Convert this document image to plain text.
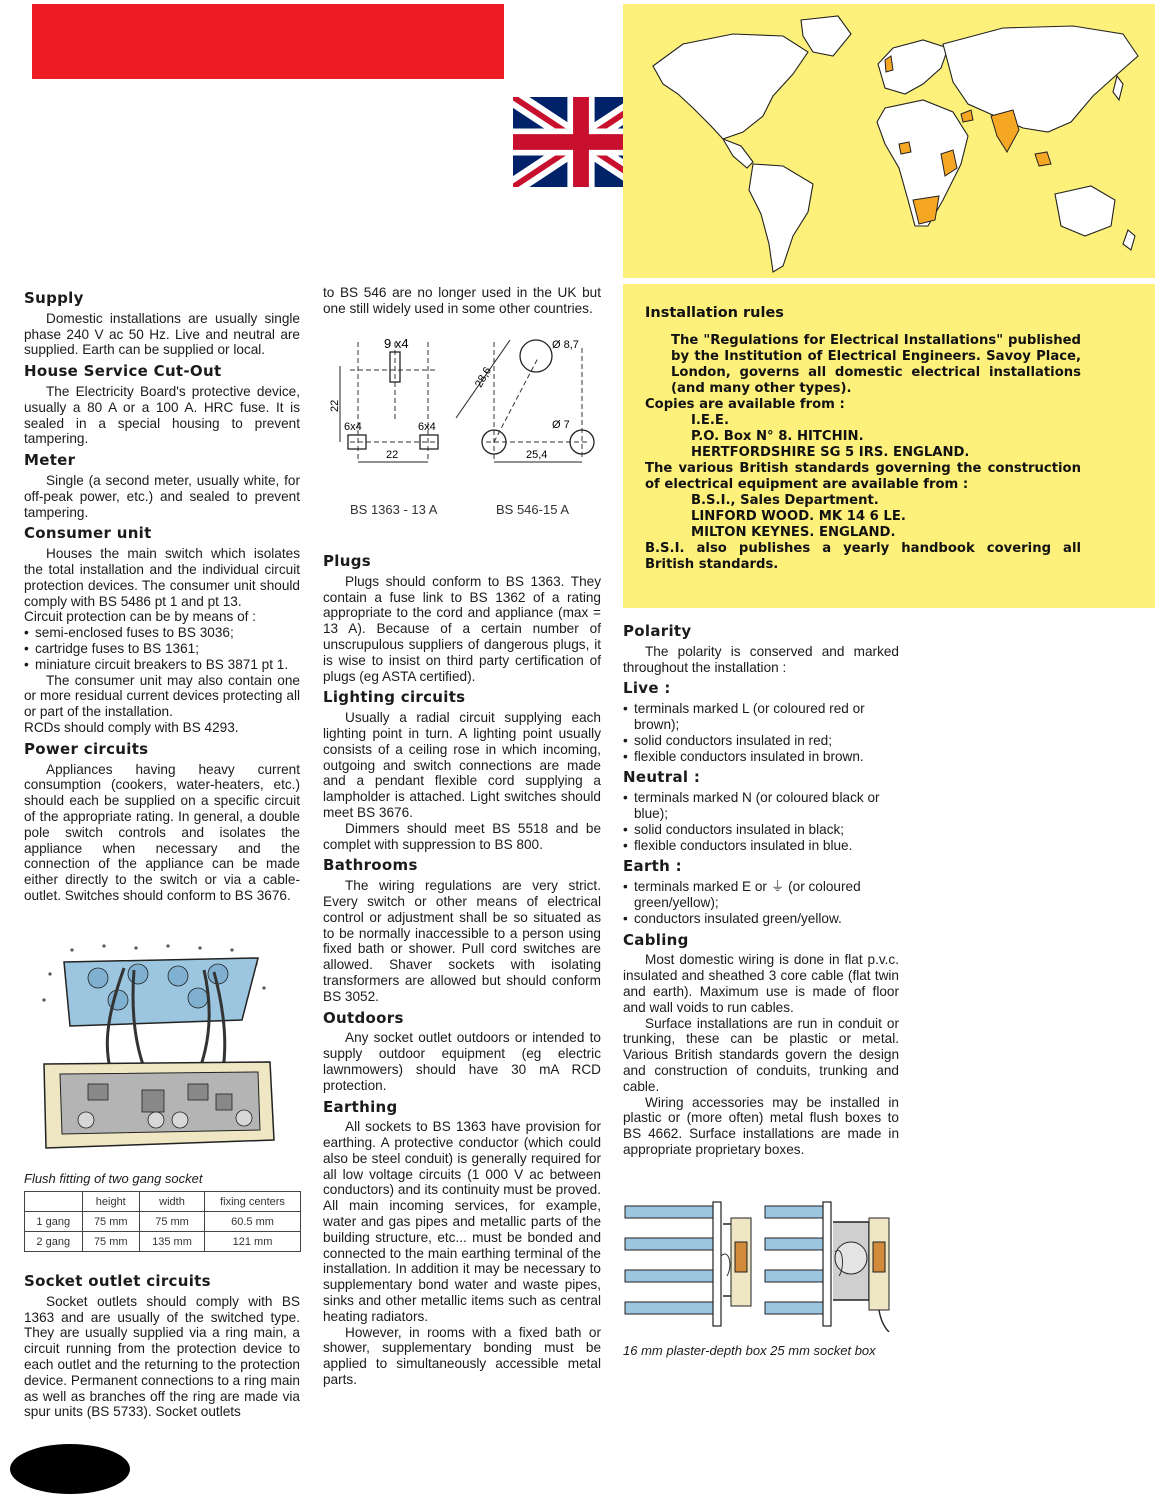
Installation rules

The "Regulations for Electrical Installations" published by the Institution of Electrical Engineers. Savoy Place, London, governs all domestic electrical installations (and many other types).

Copies are available from :

I.E.E.

P.O. Box N° 8. HITCHIN.

HERTFORDSHIRE SG 5 IRS. ENGLAND.

The various British standards governing the construction of electrical equipment are available from :

B.S.I., Sales Department.

LINFORD WOOD. MK 14 6 LE.

MILTON KEYNES. ENGLAND.

B.S.I. also publishes a yearly handbook covering all British standards.

Supply

Domestic installations are usually single phase 240 V ac 50 Hz. Live and neutral are supplied. Earth can be supplied or local.

House Service Cut-Out

The Electricity Board's protective device, usually a 80 A or a 100 A. HRC fuse. It is sealed in a special housing to prevent tampering.

Meter

Single (a second meter, usually white, for off-peak power, etc.) and sealed to prevent tampering.

Consumer unit

Houses the main switch which isolates the total installation and the individual circuit protection devices. The consumer unit should comply with BS 5486 pt 1 and pt 13.

Circuit protection can be by means of :

• semi-enclosed fuses to BS 3036;
• cartridge fuses to BS 1361;
• miniature circuit breakers to BS 3871 pt 1.

The consumer unit may also contain one or more residual current devices protecting all or part of the installation.

RCDs should comply with BS 4293.

Power circuits

Appliances having heavy current consumption (cookers, water-heaters, etc.) should each be supplied on a specific circuit of the appropriate rating. In general, a double pole switch controls and isolates the appliance when necessary and the connection of the appliance can be made either directly to the switch or via a cable-outlet. Switches should conform to BS 3676.

Flush fitting of two gang socket
	height	width	fixing centers
1 gang	75 mm	75 mm	60.5 mm
2 gang	75 mm	135 mm	121 mm
Socket outlet circuits

Socket outlets should comply with BS 1363 and are usually of the switched type. They are usually supplied via a ring main, a circuit running from the protection device to each outlet and the returning to the protection device. Permanent connections to a ring main as well as branches off the ring are made via spur units (BS 5733). Socket outlets

to BS 546 are no longer used in the UK but one still widely used in some other countries.

9 x4
6x4	6x4
22
22
28,6
Ø 8,7
Ø 7
25,4
BS 1363 - 13 A	BS 546-15 A
Plugs

Plugs should conform to BS 1363. They contain a fuse link to BS 1362 of a rating appropriate to the cord and appliance (max = 13 A). Because of a certain number of unscrupulous suppliers of dangerous plugs, it is wise to insist on third party certification of plugs (eg ASTA certified).

Lighting circuits

Usually a radial circuit supplying each lighting point in turn. A lighting point usually consists of a ceiling rose in which incoming, outgoing and switch connections are made and a pendant flexible cord supplying a lampholder is attached. Light switches should meet BS 3676.

Dimmers should meet BS 5518 and be complet with suppression to BS 800.

Bathrooms

The wiring regulations are very strict. Every switch or other means of electrical control or adjustment shall be so situated as to be normally inaccessible to a person using fixed bath or shower. Pull cord switches are allowed. Shaver sockets with isolating transformers are allowed but should conform BS 3052.

Outdoors

Any socket outlet outdoors or intended to supply outdoor equipment (eg electric lawnmowers) should have 30 mA RCD protection.

Earthing

All sockets to BS 1363 have provision for earthing. A protective conductor (which could also be steel conduit) is generally required for all low voltage circuits (1 000 V ac between conductors) and its continuity must be proved. All main incoming services, for example, water and gas pipes and metallic parts of the building structure, etc... must be bonded and connected to the main earthing terminal of the installation. In addition it may be necessary to supplementary bond water and waste pipes, sinks and other metallic items such as central heating radiators.

However, in rooms with a fixed bath or shower, supplementary bonding must be applied to simultaneously accessible metal parts.

Polarity

The polarity is conserved and marked throughout the installation :

Live :
• terminals marked L (or coloured red or brown);
• solid conductors insulated in red;
• flexible conductors insulated in brown.
Neutral :
• terminals marked N (or coloured black or blue);
• solid conductors insulated in black;
• flexible conductors insulated in blue.
Earth :
• terminals marked E or ⏚ (or coloured green/yellow);
• conductors insulated green/yellow.
Cabling

Most domestic wiring is done in flat p.v.c. insulated and sheathed 3 core cable (flat twin and earth). Maximum use is made of floor and wall voids to run cables.

Surface installations are run in conduit or trunking, these can be plastic or metal. Various British standards govern the design and construction of conduits, trunking and cable.

Wiring accessories may be installed in plastic or (more often) metal flush boxes to BS 4662. Surface installations are made in appropriate proprietary boxes.

16 mm plaster-depth box 25 mm socket box
